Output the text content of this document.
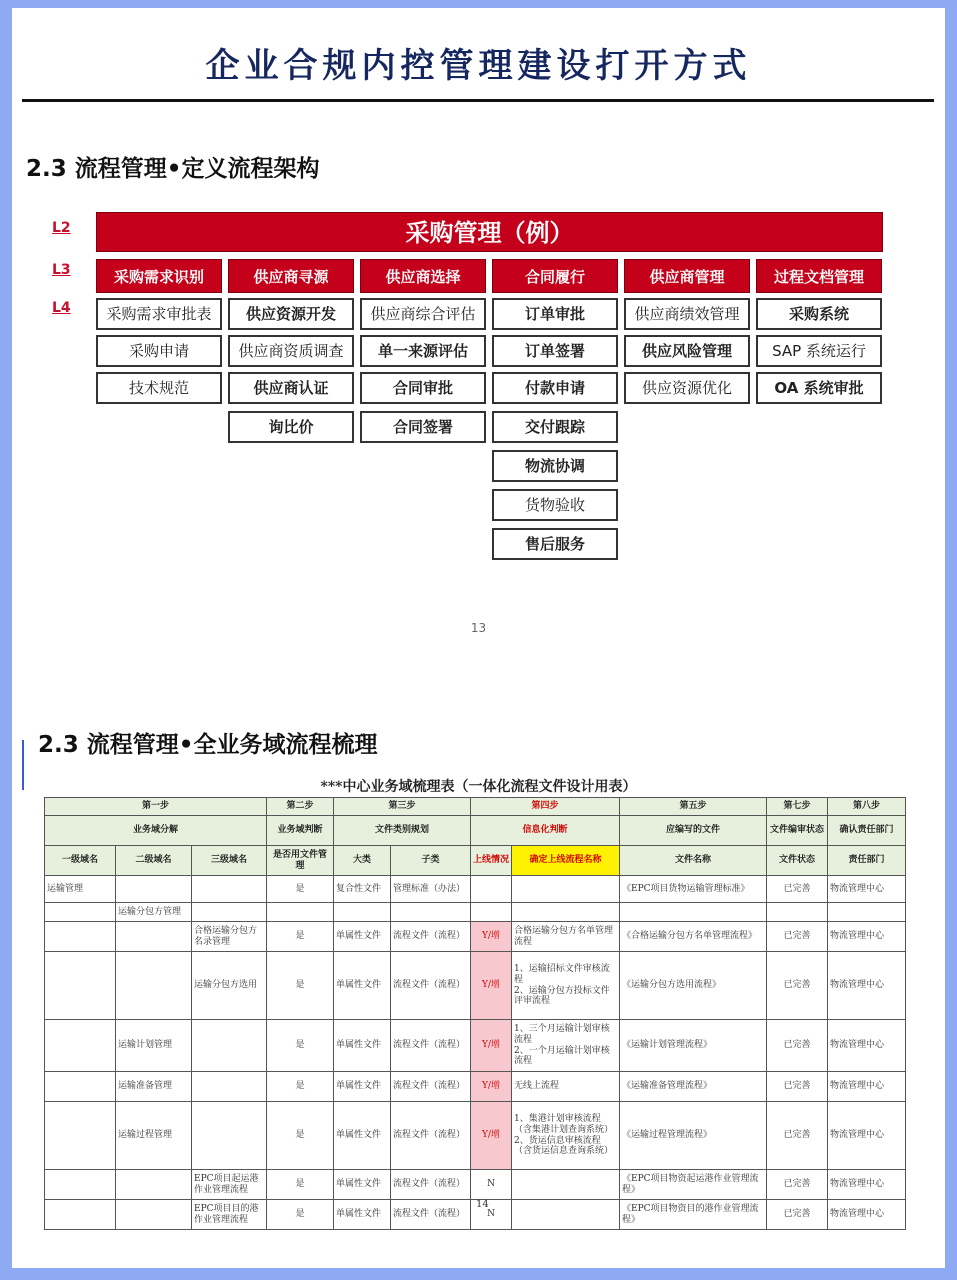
企业合规内控管理建设打开方式
2.3 流程管理•定义流程架构
L2
L3
L4
采购管理（例）
采购需求识别
采购需求审批表
采购申请
技术规范
供应商寻源
供应资源开发
供应商资质调查
供应商认证
询比价
供应商选择
供应商综合评估
单一来源评估
合同审批
合同签署
合同履行
订单审批
订单签署
付款申请
交付跟踪
物流协调
货物验收
售后服务
供应商管理
供应商绩效管理
供应风险管理
供应资源优化
过程文档管理
采购系统
SAP 系统运行
OA 系统审批
13
2.3 流程管理•全业务域流程梳理
***中心业务域梳理表（一体化流程文件设计用表）
第一步			第二步	第三步		第四步		第五步	第七步	第八步
业务域分解			业务域判断	文件类别规划		信息化判断		应编写的文件	文件编审状态	确认责任部门
一级域名	二级域名	三级域名	是否用文件管理	大类	子类	上线情况	确定上线流程名称	文件名称	文件状态	责任部门
运输管理			是	复合性文件	管理标准（办法）			《EPC项目货物运输管理标准》	已完善	物流管理中心
	运输分包方管理									
		合格运输分包方名录管理	是	单属性文件	流程文件（流程）	Y/增	合格运输分包方名单管理流程	《合格运输分包方名单管理流程》	已完善	物流管理中心
		运输分包方选用	是	单属性文件	流程文件（流程）	Y/增	1、运输招标文件审核流程
2、运输分包方投标文件评审流程	《运输分包方选用流程》	已完善	物流管理中心
	运输计划管理		是	单属性文件	流程文件（流程）	Y/增	1、三个月运输计划审核流程
2、一个月运输计划审核流程	《运输计划管理流程》	已完善	物流管理中心
	运输准备管理		是	单属性文件	流程文件（流程）	Y/增	无线上流程	《运输准备管理流程》	已完善	物流管理中心
	运输过程管理		是	单属性文件	流程文件（流程）	Y/增	1、集港计划审核流程（含集港计划查询系统）
2、货运信息审核流程（含货运信息查询系统）	《运输过程管理流程》	已完善	物流管理中心
		EPC项目起运港作业管理流程	是	单属性文件	流程文件（流程）	N		《EPC项目物资起运港作业管理流程》	已完善	物流管理中心
		EPC项目目的港作业管理流程	是	单属性文件	流程文件（流程）	N		《EPC项目物资目的港作业管理流程》	已完善	物流管理中心
14
